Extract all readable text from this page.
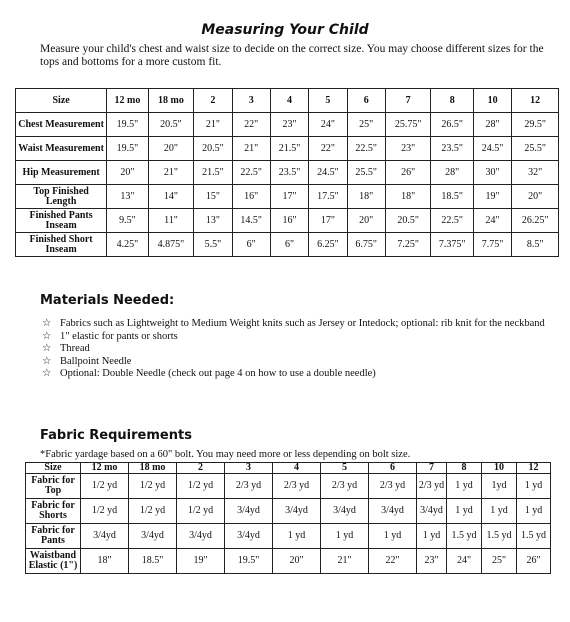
Measuring Your Child
Measure your child's chest and waist size to decide on the correct size. You may choose different sizes for the tops and bottoms for a more custom fit.
Size	12 mo	18 mo	2	3	4	5	6	7	8	10	12
Chest Measurement	19.5"	20.5"	21"	22"	23"	24"	25"	25.75"	26.5"	28"	29.5"
Waist Measurement	19.5"	20"	20.5"	21"	21.5"	22"	22.5"	23"	23.5"	24.5"	25.5"
Hip Measurement	20"	21"	21.5"	22.5"	23.5"	24.5"	25.5"	26"	28"	30"	32"
Top Finished Length	13"	14"	15"	16"	17"	17.5"	18"	18"	18.5"	19"	20"
Finished Pants Inseam	9.5"	11"	13"	14.5"	16"	17"	20"	20.5"	22.5"	24"	26.25"
Finished Short Inseam	4.25"	4.875"	5.5"	6"	6"	6.25"	6.75"	7.25"	7.375"	7.75"	8.5"
Materials Needed:
☆ Fabrics such as Lightweight to Medium Weight knits such as Jersey or Intedock; optional: rib knit for the neckband
☆ 1" elastic for pants or shorts
☆ Thread
☆ Ballpoint Needle
☆ Optional: Double Needle (check out page 4 on how to use a double needle)
Fabric Requirements
*Fabric yardage based on a 60" bolt. You may need more or less depending on bolt size.
Size	12 mo	18 mo	2	3	4	5	6	7	8	10	12
Fabric for Top	1/2 yd	1/2 yd	1/2 yd	2/3 yd	2/3 yd	2/3 yd	2/3 yd	2/3 yd	1 yd	1yd	1 yd
Fabric for Shorts	1/2 yd	1/2 yd	1/2 yd	3/4yd	3/4yd	3/4yd	3/4yd	3/4yd	1 yd	1 yd	1 yd
Fabric for Pants	3/4yd	3/4yd	3/4yd	3/4yd	1 yd	1 yd	1 yd	1 yd	1.5 yd	1.5 yd	1.5 yd
Waistband Elastic (1")	18"	18.5"	19"	19.5"	20"	21"	22"	23"	24"	25"	26"
